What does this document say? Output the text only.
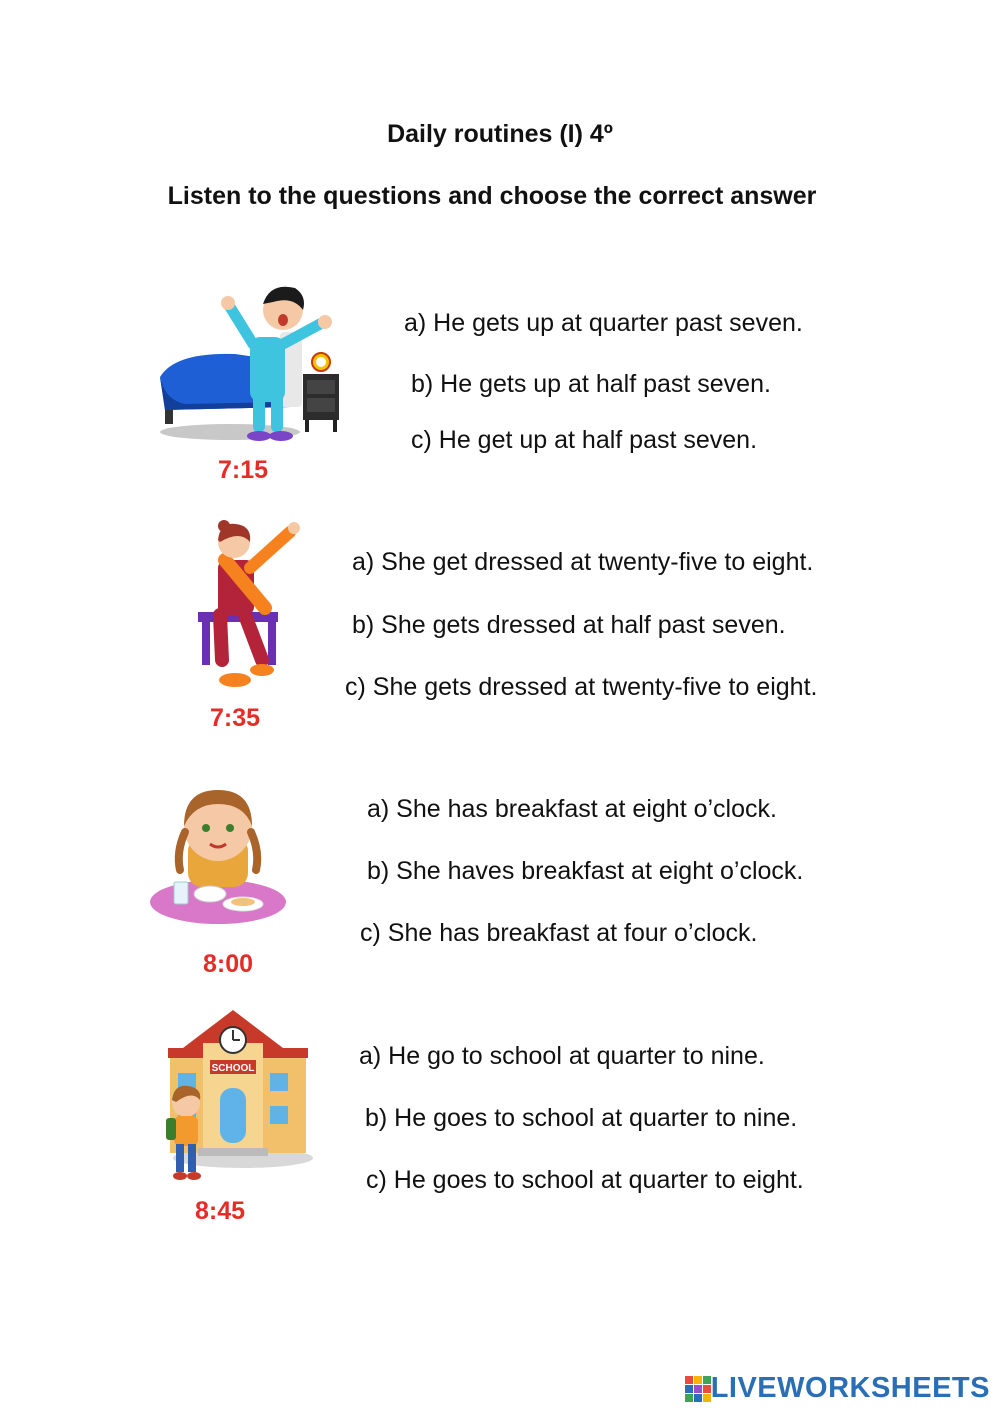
Daily routines (I) 4º
Listen to the questions and choose the correct answer
7:15
a) He gets up at quarter past seven.
b) He gets up at half past seven.
c) He get up at half past seven.
7:35
a) She get dressed at twenty-five to eight.
b) She gets dressed at half past seven.
c) She gets dressed at twenty-five to eight.
8:00
a) She has breakfast at eight o’clock.
b) She haves breakfast at eight o’clock.
c) She has breakfast at four o’clock.
SCHOOL
8:45
a) He go to school at quarter to nine.
b) He goes to school at quarter to nine.
c) He goes to school at quarter to eight.
LIVEWORKSHEETS
